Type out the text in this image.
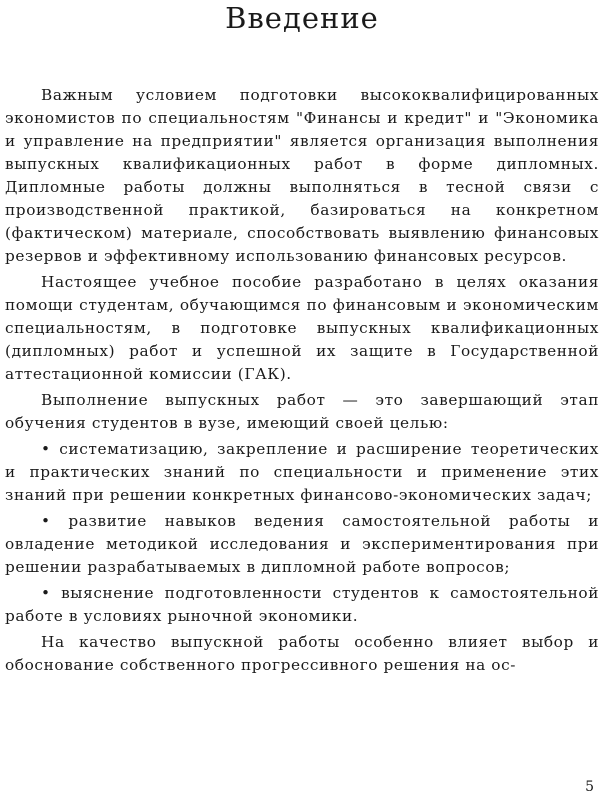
Введение

Важным условием подготовки высококвалифицированных экономистов по специальностям "Финансы и кредит" и "Экономика и управление на предприятии" является организация выполнения выпускных квалификационных работ в форме дипломных. Дипломные работы должны выполняться в тесной связи с производственной практикой, базироваться на конкретном (фактическом) материале, способствовать выявлению финансовых резервов и эффективному использованию финансовых ресурсов.

Настоящее учебное пособие разработано в целях оказания помощи студентам, обучающимся по финансовым и экономическим специальностям, в подготовке выпускных квалификационных (дипломных) работ и успешной их защите в Государственной аттестационной комиссии (ГАК).

Выполнение выпускных работ — это завершающий этап обучения студентов в вузе, имеющий своей целью:

• систематизацию, закрепление и расширение теоретических и практических знаний по специальности и применение этих знаний при решении конкретных финансово-экономических задач;

• развитие навыков ведения самостоятельной работы и овладение методикой исследования и экспериментирования при решении разрабатываемых в дипломной работе вопросов;

• выяснение подготовленности студентов к самостоятельной работе в условиях рыночной экономики.

На качество выпускной работы особенно влияет выбор и обоснование собственного прогрессивного решения на ос-

5
